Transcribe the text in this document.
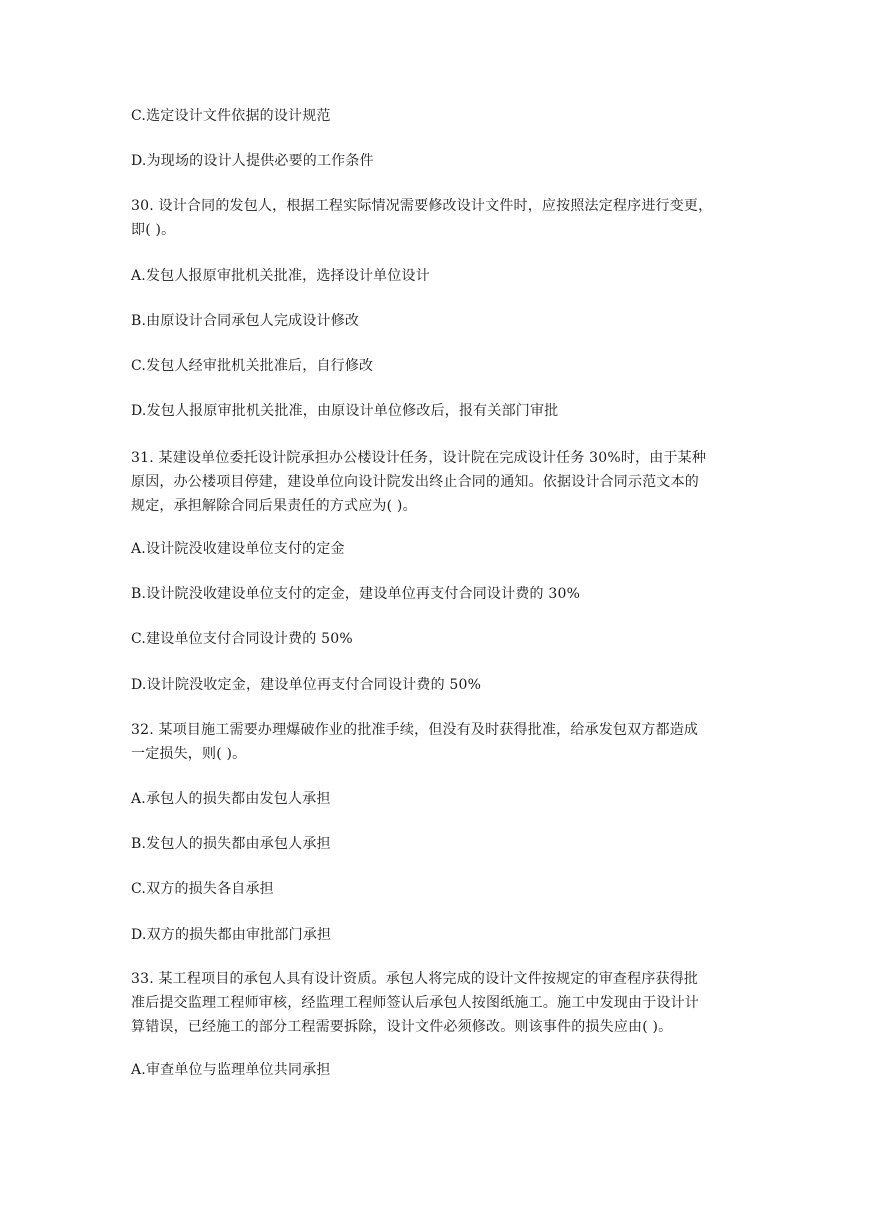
C.选定设计文件依据的设计规范
D.为现场的设计人提供必要的工作条件
30. 设计合同的发包人，根据工程实际情况需要修改设计文件时，应按照法定程序进行变更，
即( )。
A.发包人报原审批机关批准，选择设计单位设计
B.由原设计合同承包人完成设计修改
C.发包人经审批机关批准后，自行修改
D.发包人报原审批机关批准，由原设计单位修改后，报有关部门审批
31. 某建设单位委托设计院承担办公楼设计任务，设计院在完成设计任务 30%时，由于某种
原因，办公楼项目停建，建设单位向设计院发出终止合同的通知。依据设计合同示范文本的
规定，承担解除合同后果责任的方式应为( )。
A.设计院没收建设单位支付的定金
B.设计院没收建设单位支付的定金，建设单位再支付合同设计费的 30%
C.建设单位支付合同设计费的 50%
D.设计院没收定金，建设单位再支付合同设计费的 50%
32. 某项目施工需要办理爆破作业的批准手续，但没有及时获得批准，给承发包双方都造成
一定损失，则( )。
A.承包人的损失都由发包人承担
B.发包人的损失都由承包人承担
C.双方的损失各自承担
D.双方的损失都由审批部门承担
33. 某工程项目的承包人具有设计资质。承包人将完成的设计文件按规定的审查程序获得批
准后提交监理工程师审核，经监理工程师签认后承包人按图纸施工。施工中发现由于设计计
算错误，已经施工的部分工程需要拆除，设计文件必须修改。则该事件的损失应由( )。
A.审查单位与监理单位共同承担
